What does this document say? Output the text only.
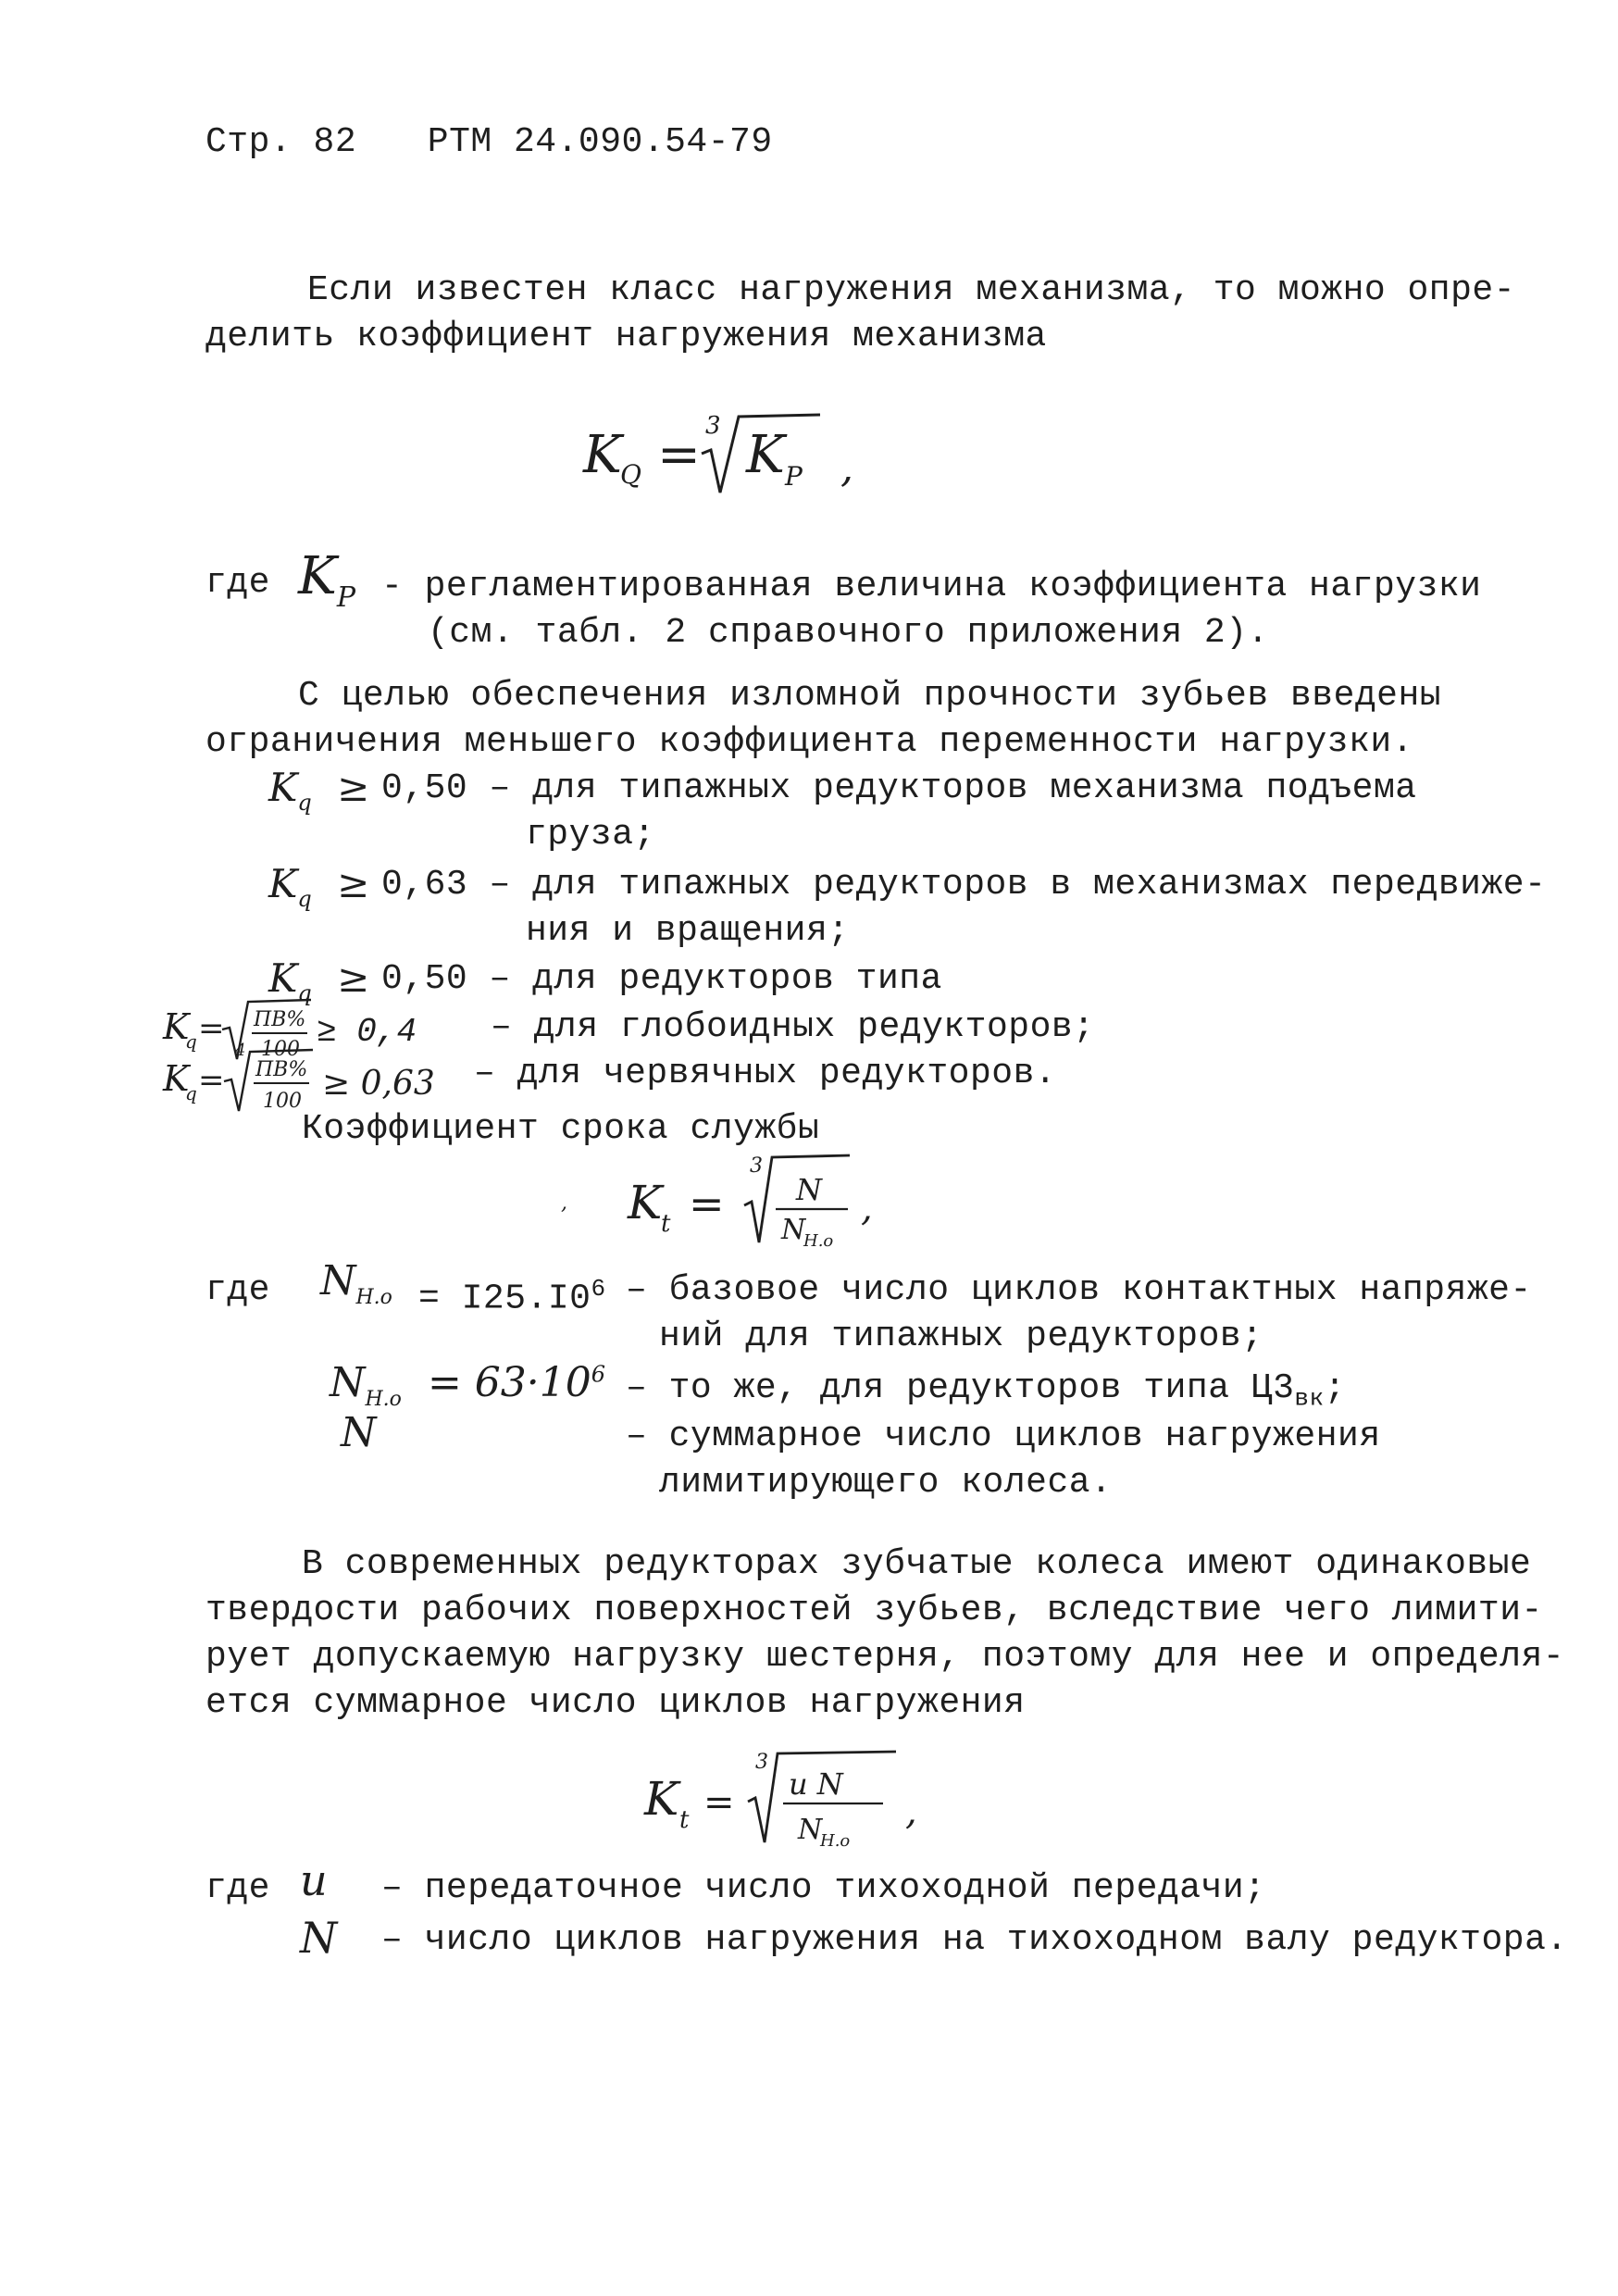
Стр. 82 РТМ 24.090.54-79
Если известен класс нагружения механизма, то можно опре-
делить коэффициент нагружения механизма
K
Q = 3 K P ,
где $K_P$ - регламентированная величина коэффициента нагрузки
(см. табл. 2 справочного приложения 2).
С целью обеспечения изломной прочности зубьев введены
ограничения меньшего коэффициента переменности нагрузки.
$K_q \ge 0,50$ – для типажных редукторов механизма подъема
груза;
$K_q \ge 0,63$ – для типажных редукторов в механизмах передвиже-
ния и вращения;
$K_q \ge 0,50$ – для редукторов типа
K
q = ПВ%
100 ≥ 0,4 – для глобоидных редукторов;
K
q =
4
ПВ%
100 ≥ 0,63 – для червячных редукторов.
Коэффициент срока службы
, K
t =
3
N
N
H.o
,
где $N_{H.o} = I25.I0^6$ – базовое число циклов контактных напряже-
ний для типажных редукторов;
$N_{H.o} = 63\cdot 10^6$ – то же, для редукторов типа $Ц3_{вк}$;
N	– суммарное число циклов нагружения
лимитирующего колеса.
В современных редукторах зубчатые колеса имеют одинаковые
твердости рабочих поверхностей зубьев, вследствие чего лимити-
рует допускаемую нагрузку шестерня, поэтому для нее и определя-
ется суммарное число циклов нагружения
K t =
3
u N
N
H.o
,
где u – передаточное число тихоходной передачи;
N – число циклов нагружения на тихоходном валу редуктора.
